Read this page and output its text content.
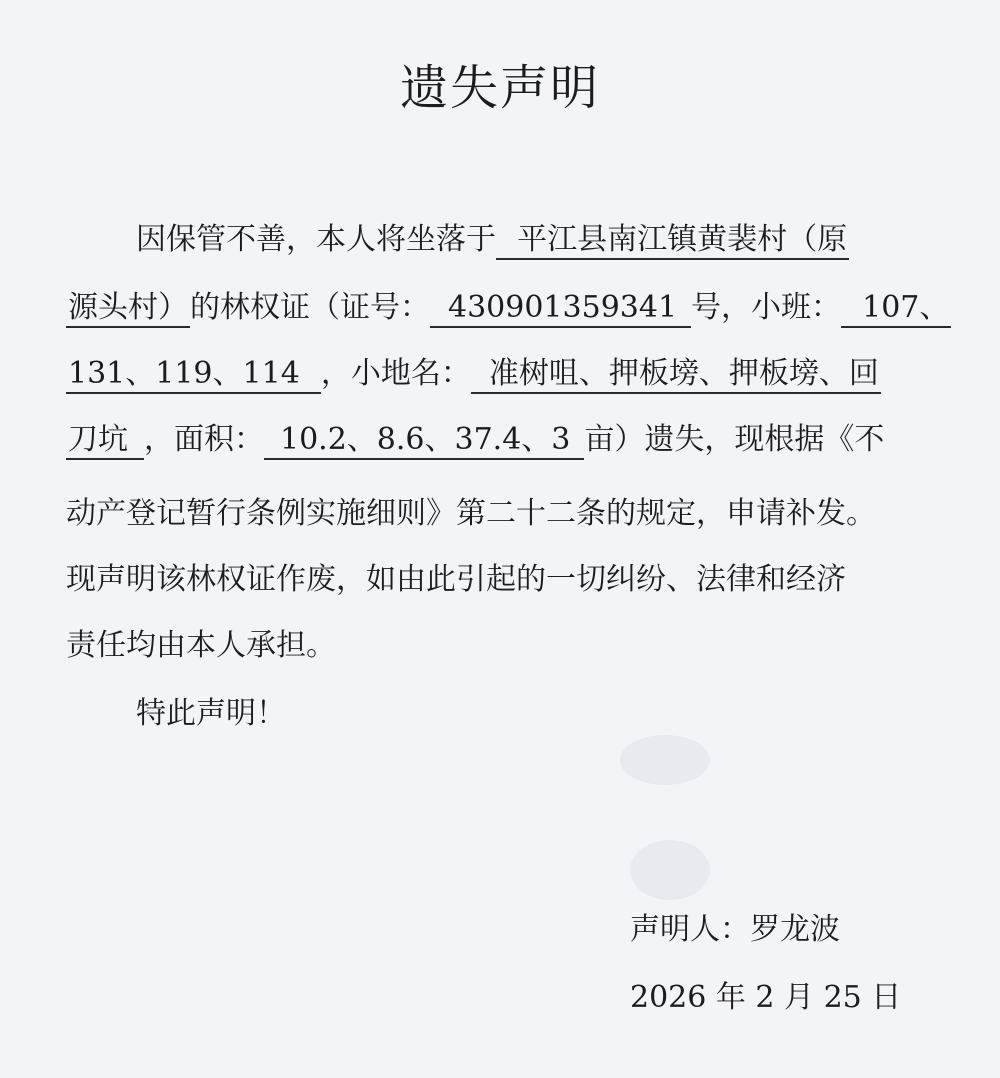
遗失声明
因保管不善，本人将坐落于  平江县南江镇黄裴村（原
源头村）的林权证（证号： 430901359341 号，小班：  107、
131、119、114  ，小地名： 准树咀、押板塝、押板塝、回
刀坑 ，面积： 10.2、8.6、37.4、3 亩）遗失，现根据《不
动产登记暂行条例实施细则》第二十二条的规定，申请补发。
现声明该林权证作废，如由此引起的一切纠纷、法律和经济
责任均由本人承担。
特此声明！
声明人：罗龙波
2026 年 2 月 25 日
